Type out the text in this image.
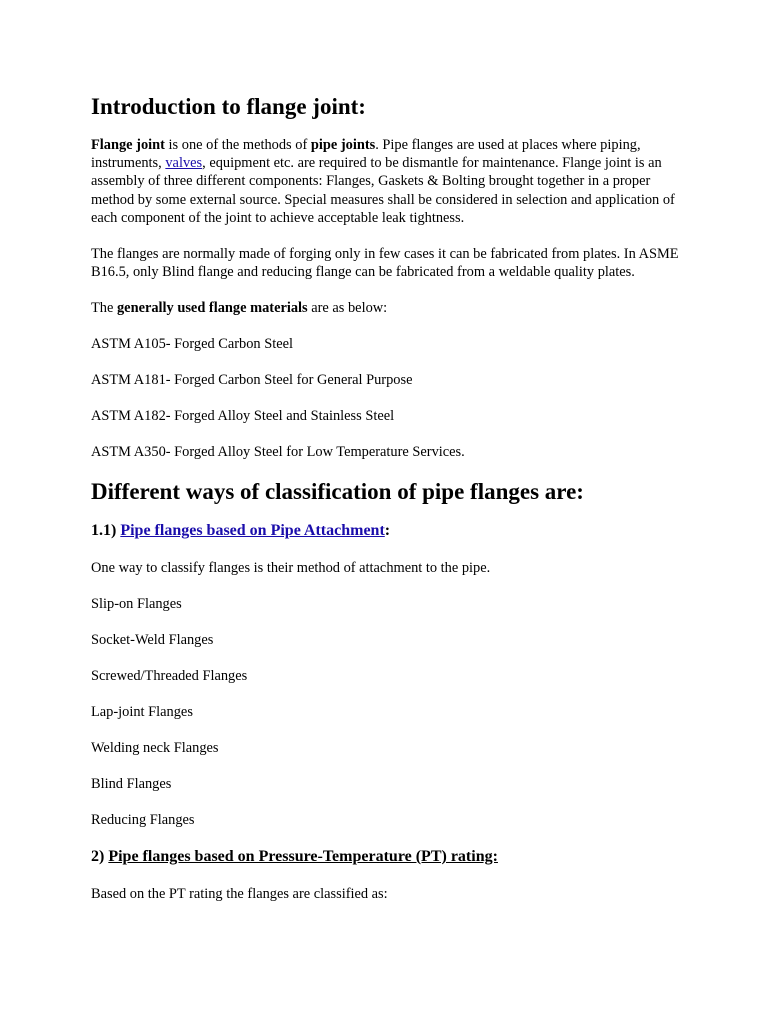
Introduction to flange joint:

Flange joint is one of the methods of pipe joints. Pipe flanges are used at places where piping, instruments, valves, equipment etc. are required to be dismantle for maintenance. Flange joint is an assembly of three different components: Flanges, Gaskets & Bolting brought together in a proper method by some external source. Special measures shall be considered in selection and application of each component of the joint to achieve acceptable leak tightness.

The flanges are normally made of forging only in few cases it can be fabricated from plates. In ASME B16.5, only Blind flange and reducing flange can be fabricated from a weldable quality plates.

The generally used flange materials are as below:

ASTM A105- Forged Carbon Steel

ASTM A181- Forged Carbon Steel for General Purpose

ASTM A182- Forged Alloy Steel and Stainless Steel

ASTM A350- Forged Alloy Steel for Low Temperature Services.

Different ways of classification of pipe flanges are:
1.1) Pipe flanges based on Pipe Attachment:

One way to classify flanges is their method of attachment to the pipe.

Slip-on Flanges

Socket-Weld Flanges

Screwed/Threaded Flanges

Lap-joint Flanges

Welding neck Flanges

Blind Flanges

Reducing Flanges

2) Pipe flanges based on Pressure-Temperature (PT) rating:

Based on the PT rating the flanges are classified as:
